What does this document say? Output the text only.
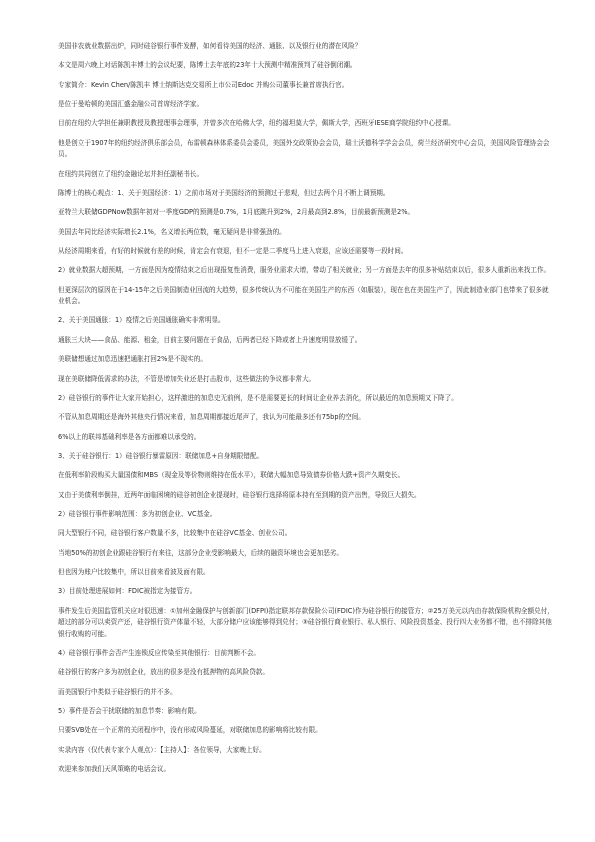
美国非农就业数据出炉，同时硅谷银行事件发酵，如何看待美国的经济、通胀、以及银行业的潜在风险？

本文是周六晚上对话陈凯丰博士的会议纪要，陈博士去年底的23年十大预测中精准预判了硅谷倒闭潮。

专家简介：Kevin Chen/陈凯丰 博士纳斯达克交易所上市公司Edoc 并购公司董事长兼首席执行官。

是位于曼哈顿的美国汇盛金融公司首席经济学家。

目前在纽约大学担任兼职教授及教授理事会理事，并曾多次在哈佛大学，纽约福坦莫大学，佩斯大学，西班牙IESE商学院纽约中心授课。

他是创立于1907年的纽约经济俱乐部会员，布雷顿森林体系委员会委员，美国外交政策协会会员，瑞士沃德科学学会会员，荷兰经济研究中心会员，美国风险管理协会会员。

在纽约共同创立了纽约金融论坛并担任副秘书长。

陈博士的核心观点：1、关于美国经济：1）之前市场对于美国经济的预测过于悲观，但过去两个月不断上调预期。

亚特兰大联储GDPNow数据年初对一季度GDP的预测是0.7%，1月底跳升到2%，2月最高到2.8%，目前最新预测是2%。

美国去年同比经济实际增长2.1%，名义增长两位数，毫无疑问是非常强劲的。

从经济周期来看，有好的时候就有差的时候，肯定会有衰退，但不一定是二季度马上进入衰退，应该还需要等一段时间。

2）就业数据大超预期，一方面是因为疫情结束之后出现报复性消费，服务业需求大增，带动了相关就业；另一方面是去年的很多补贴结束以后，很多人重新出来找工作。

但更深层次的原因在于14-15年之后美国制造业回流的大趋势，很多传统认为不可能在美国生产的东西（如服装），现在也在美国生产了，因此制造业部门也带来了很多就业机会。

2、关于美国通胀：1）疫情之后美国通胀确实非常明显。

通胀三大块——食品、能源、租金，目前主要问题在于食品，后两者已经下降或者上升速度明显放缓了。

美联储想通过加息迅速把通胀打回2%是不现实的。

现在美联储降低需求的办法，不管是增加失业还是打击股市，这些做法的争议都非常大。

2）硅谷银行的事件让大家开始担心，这样激进的加息史无前例，是不是需要更长的时间让企业养去消化，所以最近的加息预期又下降了。

不管从加息周期还是海外其他央行情况来看，加息周期都接近尾声了，我认为可能最多还有75bp的空间。

6%以上的联邦基础利率是各方面都难以承受的。

3、关于硅谷银行：1）硅谷银行暴雷原因：联储加息+自身期限错配。

在低利率阶段购买大量国债和MBS（现金及等价物则维持在低水平），联储大幅加息导致债券价格大跌+资产久期变长。

又由于美债利率倒挂，近两年面临困境的硅谷初创企业提现时，硅谷银行选择将原本持有至到期的资产出售，导致巨大损失。

2）硅谷银行事件影响范围：多为初创企业、VC基金。

同大型银行不同，硅谷银行客户数量不多，比较集中在硅谷VC基金、创业公司。

当地50%的初创企业跟硅谷银行有来往，这部分企业受影响最大，后续的融资环境也会更加恶劣。

但也因为账户比较集中，所以目前来看波及面有限。

3）目前处理进展如何：FDIC被指定为接管方。

事件发生后美国监管机关应对很迅速：①加州金融保护与创新部门(DFPI)指定联邦存款保险公司(FDIC)作为硅谷银行的接管方；②25万美元以内由存款保险机构全额兑付，超过的部分可以卖资产还，硅谷银行资产体量不轻，大部分储户应该能够得到兑付；③硅谷银行商业银行、私人银行、风险投资基金、投行四大业务都不错，也不排除其他银行收购的可能。

4）硅谷银行事件会否产生连锁反应传染至其他银行：目前判断不会。

硅谷银行的客户多为初创企业，放出的很多是没有抵押物的高风险贷款。

而美国银行中类似于硅谷银行的并不多。

5）事件是否会干扰联储的加息节奏：影响有限。

只要SVB处在一个正常的关闭程序中，没有形成风险蔓延，对联储加息的影响将比较有限。

实录内容（仅代表专家个人观点）：【主持人】：各位领导，大家晚上好。

欢迎来参加我们天风策略的电话会议。
